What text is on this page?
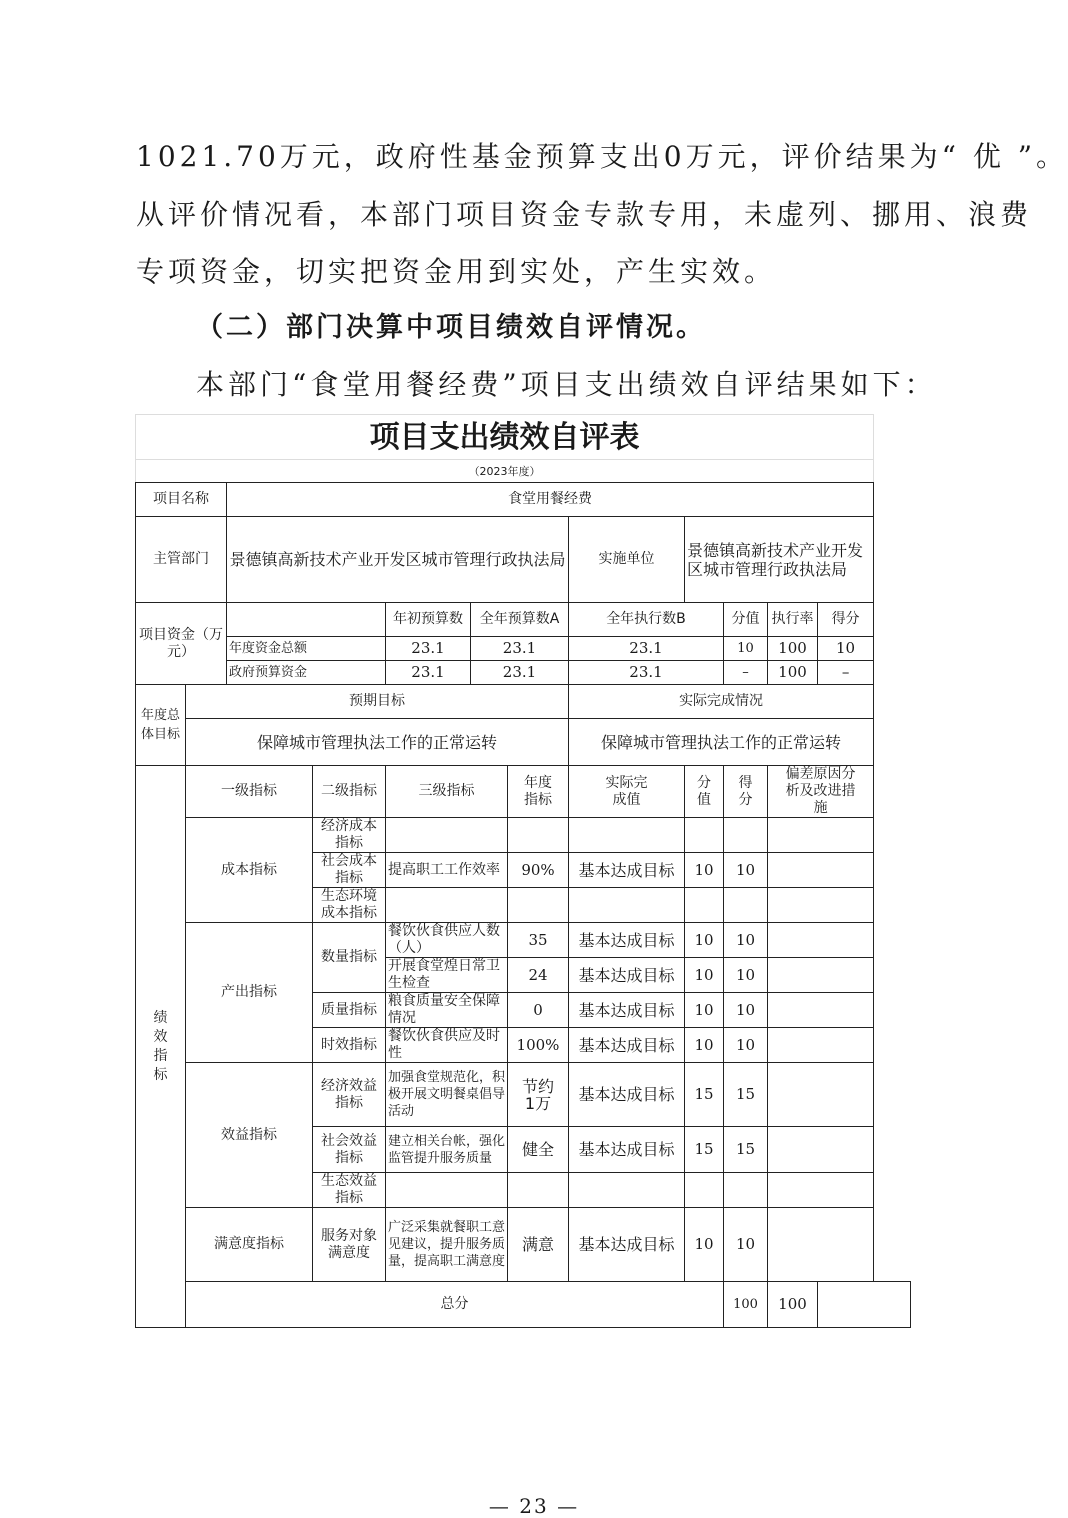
1021.70万元，政府性基金预算支出0万元，评价结果为“ 优 ”。
从评价情况看，本部门项目资金专款专用，未虚列、挪用、浪费
专项资金，切实把资金用到实处，产生实效。
（二）部门决算中项目绩效自评情况。
本部门“食堂用餐经费”项目支出绩效自评结果如下：
项目支出绩效自评表											
（2023年度）											
项目名称		食堂用餐经费									
主管部门		景德镇高新技术产业开发区城市管理行政执法局					实施单位	景德镇高新技术产业开发区城市管理行政执法局			
项目资金（万元）				年初预算数	全年预算数A		全年执行数B		分值	执行率	得分
		年度资金总额		23.1	23.1		23.1		10	100	10
		政府预算资金		23.1	23.1		23.1		–	100	–
年度总体目标	预期目标						实际完成情况				
	保障城市管理执法工作的正常运转						保障城市管理执法工作的正常运转				
绩效指标	一级指标		二级指标	三级指标		年度指标	实际完成值	分值	得分	偏差原因分析及改进措施	
	成本指标		经济成本指标								
			社会成本指标	提高职工工作效率		90%	基本达成目标	10	10		
			生态环境成本指标								
	产出指标		数量指标	餐饮伙食供应人数（人）		35	基本达成目标	10	10		
				开展食堂煌日常卫生检查		24	基本达成目标	10	10		
			质量指标	粮食质量安全保障情况		0	基本达成目标	10	10		
			时效指标	餐饮伙食供应及时性		100%	基本达成目标	10	10		
	效益指标		经济效益指标	加强食堂规范化，积极开展文明餐桌倡导活动		节约1万	基本达成目标	15	15		
			社会效益指标	建立相关台帐，强化监管提升服务质量		健全	基本达成目标	15	15		
			生态效益指标								
	满意度指标		服务对象满意度	广泛采集就餐职工意见建议，提升服务质量，提高职工满意度		满意	基本达成目标	10	10		
	总分								100	100	
— 23 —
